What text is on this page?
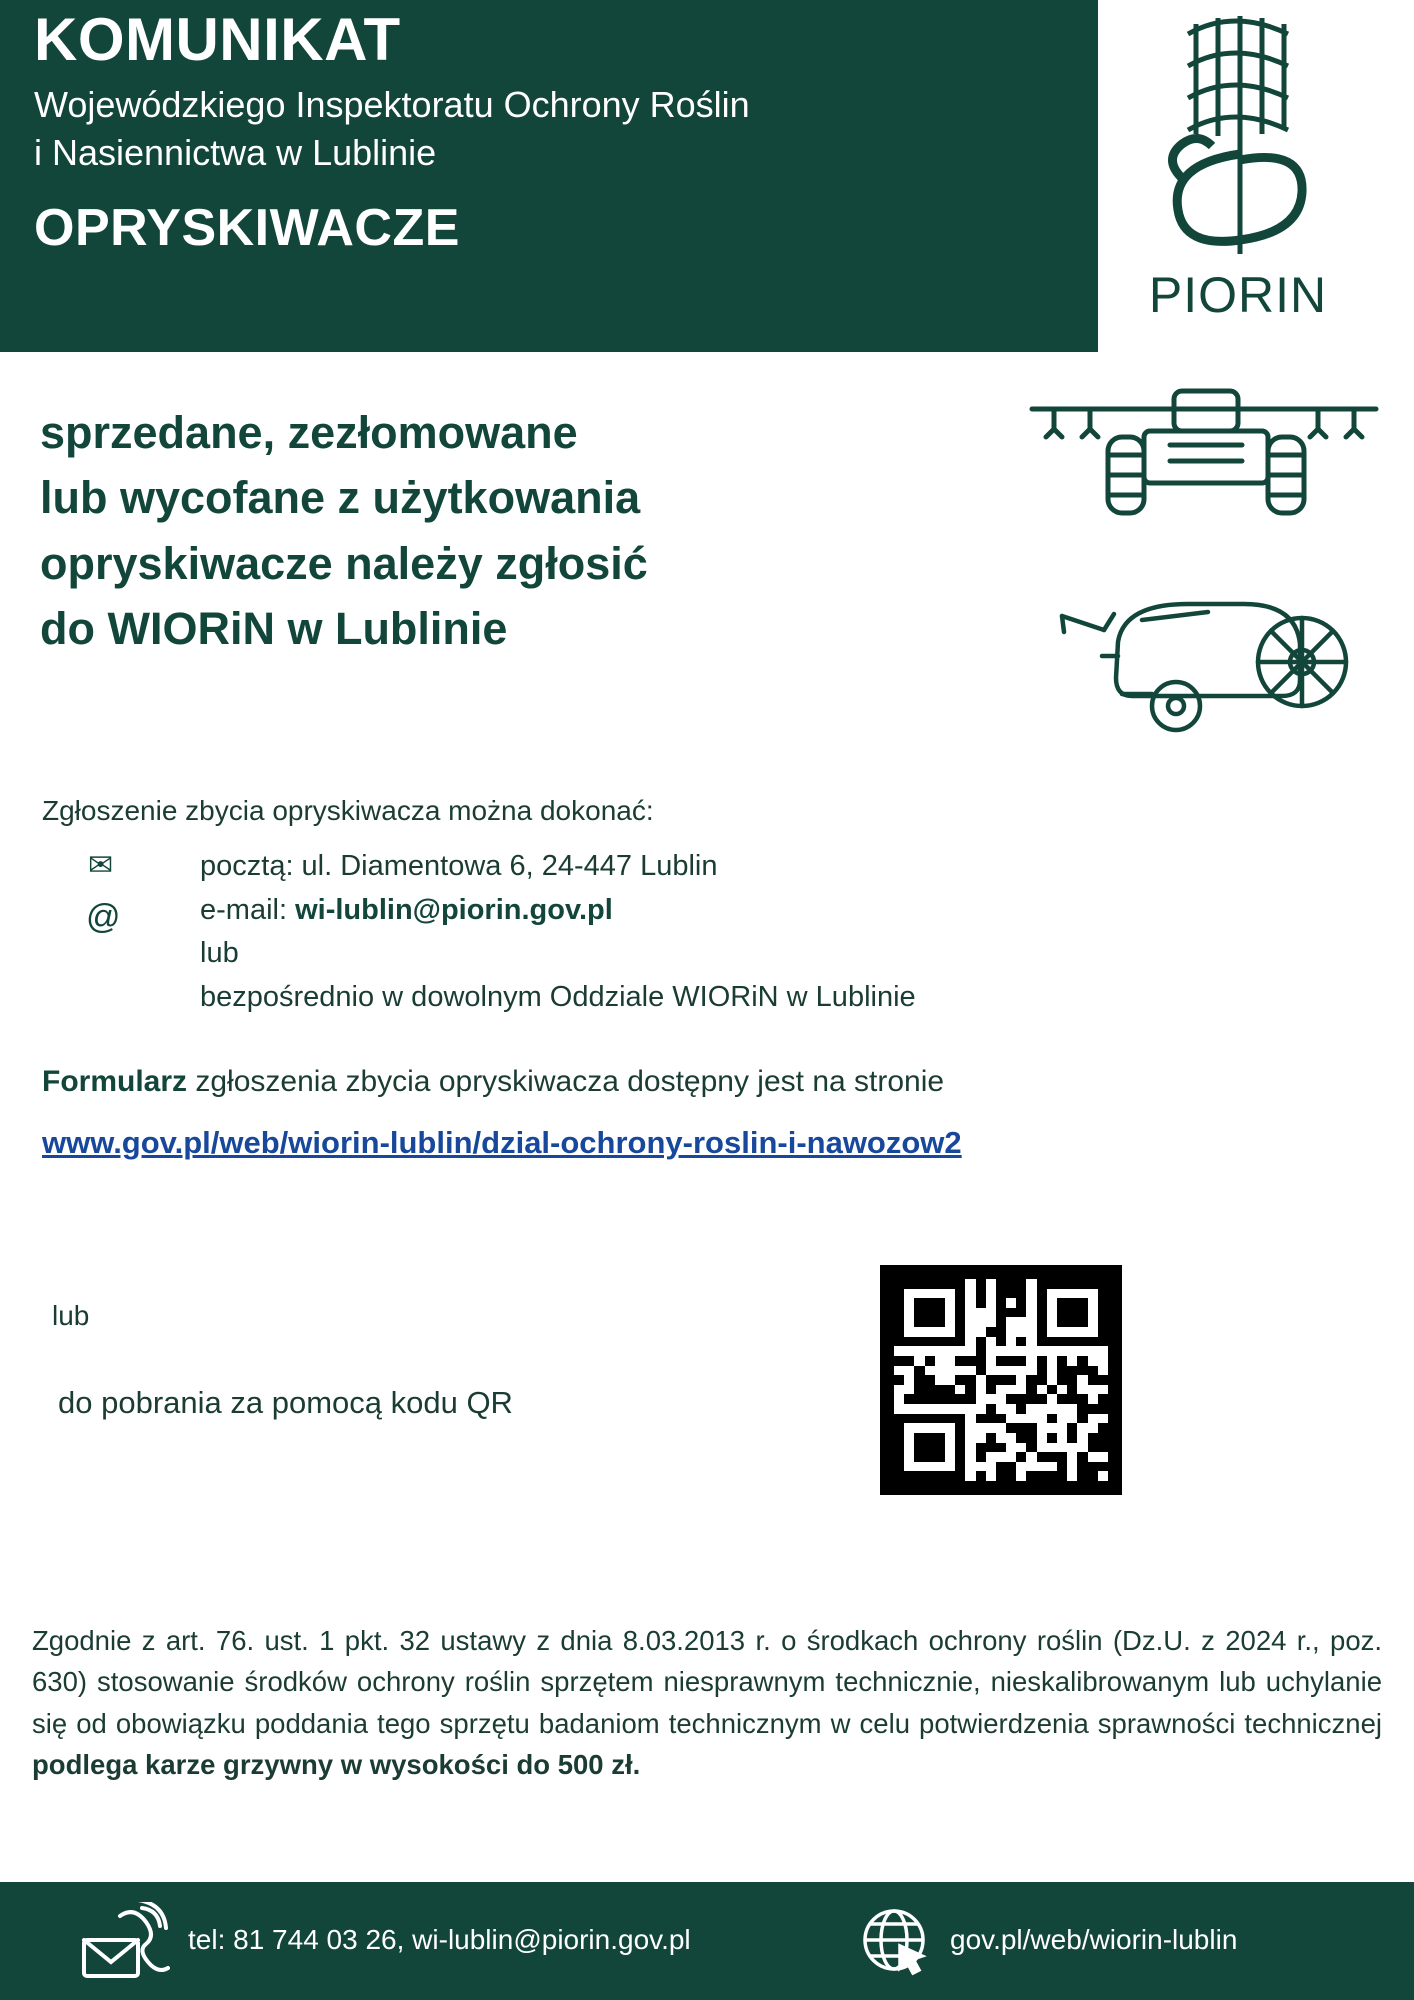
KOMUNIKAT
Wojewódzkiego Inspektoratu Ochrony Roślin
i Nasiennictwa w Lublinie
OPRYSKIWACZE
PIORIN
sprzedane, zezłomowane
lub wycofane z użytkowania
opryskiwacze należy zgłosić
do WIORiN w Lublinie
Zgłoszenie zbycia opryskiwacza można dokonać:
✉
@
pocztą: ul. Diamentowa 6, 24-447 Lublin
e-mail: wi-lublin@piorin.gov.pl
lub
bezpośrednio w dowolnym Oddziale WIORiN w Lublinie
Formularz zgłoszenia zbycia opryskiwacza dostępny jest na stronie
www.gov.pl/web/wiorin-lublin/dzial-ochrony-roslin-i-nawozow2
lub
do pobrania za pomocą kodu QR
Zgodnie z art. 76. ust. 1 pkt. 32 ustawy z dnia 8.03.2013 r. o środkach ochrony roślin (Dz.U. z 2024 r., poz. 630) stosowanie środków ochrony roślin sprzętem niesprawnym technicznie, nieskalibrowanym lub uchylanie się od obowiązku poddania tego sprzętu badaniom technicznym w celu potwierdzenia sprawności technicznej podlega karze grzywny w wysokości do 500 zł.
tel: 81 744 03 26, wi-lublin@piorin.gov.pl	gov.pl/web/wiorin-lublin
